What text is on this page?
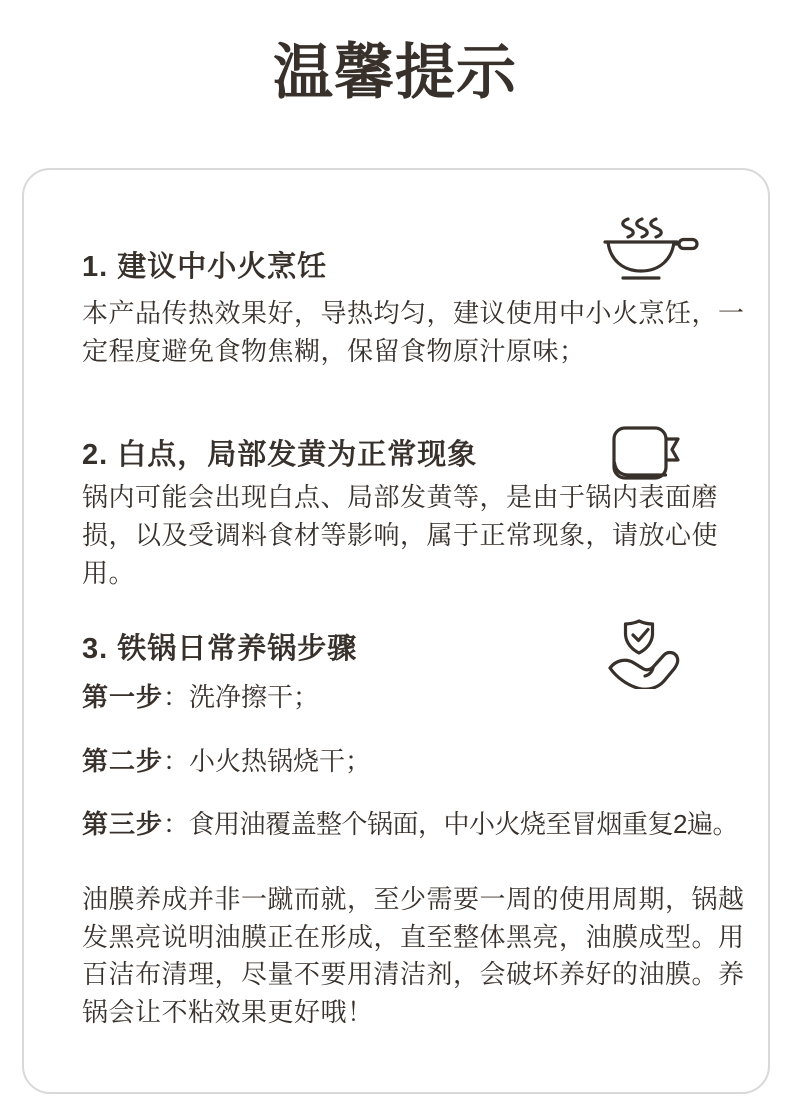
温馨提示
1. 建议中小火烹饪

本产品传热效果好，导热均匀，建议使用中小火烹饪，一定程度避免食物焦糊，保留食物原汁原味；

2. 白点，局部发黄为正常现象

锅内可能会出现白点、局部发黄等，是由于锅内表面磨损，以及受调料食材等影响，属于正常现象，请放心使用。

3. 铁锅日常养锅步骤

第一步：洗净擦干；

第二步：小火热锅烧干；

第三步：食用油覆盖整个锅面，中小火烧至冒烟重复2遍。

油膜养成并非一蹴而就，至少需要一周的使用周期，锅越发黑亮说明油膜正在形成，直至整体黑亮，油膜成型。用百洁布清理，尽量不要用清洁剂，会破坏养好的油膜。养锅会让不粘效果更好哦！
